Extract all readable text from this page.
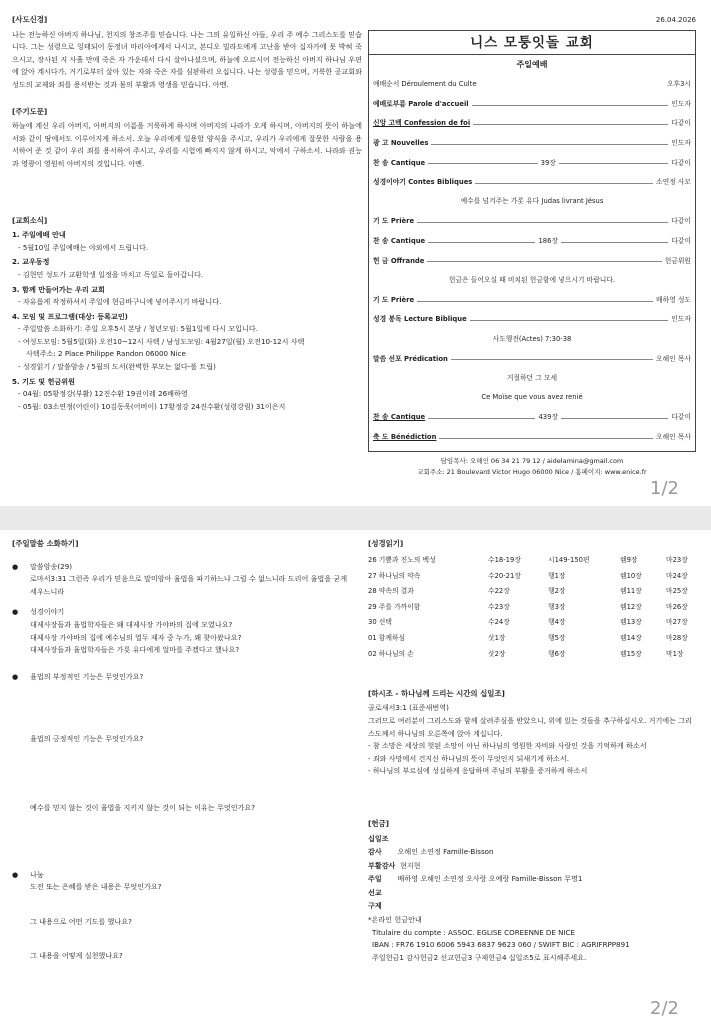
[사도신경]
나는 전능하신 아버지 하나님, 천지의 창조주를 믿습니다. 나는 그의 유일하신 아들, 우리 주 예수 그리스도를 믿습니다. 그는 성령으로 잉태되어 동정녀 마리아에게서 나시고, 본디오 빌라도에게 고난을 받아 십자가에 못 박혀 죽으시고, 장사된 지 사흘 만에 죽은 자 가운데서 다시 살아나셨으며, 하늘에 오르시어 전능하신 아버지 하나님 우편에 앉아 계시다가, 거기로부터 살아 있는 자와 죽은 자를 심판하러 오십니다. 나는 성령을 믿으며, 거룩한 공교회와 성도의 교제와 죄를 용서받는 것과 몸의 부활과 영생을 믿습니다. 아멘.
[주기도문]
하늘에 계신 우리 아버지, 아버지의 이름을 거룩하게 하시며 아버지의 나라가 오게 하시며, 아버지의 뜻이 하늘에서와 같이 땅에서도 이루어지게 하소서. 오늘 우리에게 일용할 양식을 주시고, 우리가 우리에게 잘못한 사람을 용서하여 준 것 같이 우리 죄를 용서하여 주시고, 우리를 시험에 빠지지 않게 하시고, 악에서 구하소서. 나라와 권능과 영광이 영원히 아버지의 것입니다. 아멘.
[교회소식]
1. 주일예배 안내
- 5월10일 주일예배는 야외에서 드립니다.
2. 교우동정
- 김현민 성도가 교환학생 일정을 마치고 독일로 돌아갑니다.
3. 함께 만들어가는 우리 교회
- 자유롭게 작정하셔서 주일에 현금바구니에 넣어주시기 바랍니다.
4. 모임 및 프로그램(대상: 등록교인)
- 주일말씀 소화하기: 주일 오후5시 본당 / 청년모임: 5월1일에 다시 모입니다.
- 여성도모임: 5월5일(화) 오전10~12시 사택 / 남성도모임: 4월27일(월) 오전10-12시 사택
사택주소: 2 Place Philippe Randon 06000 Nice
- 성경읽기 / 말씀암송 / 5월의 도서(완벽한 부모는 없다-폴 트립)
5. 기도 및 헌금위원
- 04월: 05황정강(부활) 12진수환 19권이레 26배하영
- 05월: 03소연정(어린이) 10김동욱(어버이) 17황정강 24진수환(성령강림) 31이은지
26.04.2026
니스 모퉁잇돌 교회
주일예배
예배순서 Déroulement du Culte	오후3시
예배로부름 Parole d'accueil	인도자
신앙 고백 Confession de foi	다같이
광 고 Nouvelles	인도자
찬 송 Cantique	39장	다같이
성경이야기 Contes Bibliques	소연정 사모
예수를 넘겨주는 가롯 유다 Judas livrant Jésus
기 도 Prière	다같이
찬 송 Cantique	186장	다같이
헌 금 Offrande	헌금위원
헌금은 들어오실 때 비치된 헌금함에 넣으시기 바랍니다.
기 도 Prière	배하영 성도
성경 봉독 Lecture Biblique	인도자
사도행전(Actes) 7:30-38
말씀 선포 Prédication	오해인 목사
거절하던 그 모세
Ce Moïse que vous avez renié
찬 송 Cantique	439장	다같이
축 도 Bénédiction	오해인 목사
담임목사: 오해인 06 34 21 79 12 / aidelamina@gmail.com
교회주소: 21 Boulevard Victor Hugo 06000 Nice / 홈페이지: www.enice.fr
1/2
[주일말씀 소화하기]
●	말씀암송(29)
로마서3:31 그런즉 우리가 믿음으로 말미암아 율법을 파기하느냐 그럴 수 없느니라 도리어 율법을 굳게 세우느니라
●	성경이야기
대제사장들과 율법학자들은 왜 대제사장 가야바의 집에 모였나요?
대제사장 가야바의 집에 예수님의 열두 제자 중 누가, 왜 찾아왔나요?
대제사장들과 율법학자들은 가룟 유다에게 얼마를 주겠다고 했나요?
●	율법의 부정적인 기능은 무엇인가요?
율법의 긍정적인 기능은 무엇인가요?
예수를 믿지 않는 것이 율법을 지키지 않는 것이 되는 이유는 무엇인가요?
●	나눔
도전 또는 은혜를 받은 내용은 무엇인가요?
그 내용으로 어떤 기도를 했나요?
그 내용을 어떻게 실천했나요?
[성경읽기]
26 기쁨과 진노의 백성	수18-19장	시149-150편	렘9장	마23장
27 하나님의 약속	수20-21장	행1장	렘10장	마24장
28 약속의 결과	수22장	행2장	렘11장	마25장
29 주를 가까이함	수23장	행3장	렘12장	마26장
30 선택	수24장	행4장	렘13장	마27장
01 함께하심	삿1장	행5장	렘14장	마28장
02 하나님의 손	삿2장	행6장	렘15장	막1장
[하시조 - 하나님께 드리는 시간의 십일조]
골로새서3:1 (표준새번역)
그러므로 여러분이 그리스도와 함께 살려주심을 받았으니, 위에 있는 것들을 추구하십시오. 거기에는 그리스도께서 하나님의 오른쪽에 앉아 계십니다.
- 참 소망은 세상의 헛된 소망이 아닌 하나님의 영원한 자비와 사랑인 것을 기억하게 하소서
- 죄와 사망에서 건지신 하나님의 뜻이 무엇인지 되새기게 하소서.
- 하나님의 부르심에 성실하게 응답하며 주님의 부활을 증거하게 하소서
[헌금]
십일조
감사 오해인 소연정 Famille-Bisson
부활감사 현지현
주일 배하영 오해인 소연정 오사랑 오예랑 Famille-Bisson 무명1
선교
구제
*온라인 헌금안내
Titulaire du compte : ASSOC. EGLISE COREENNE DE NICE
IBAN : FR76 1910 6006 5943 6837 9623 060 / SWIFT BIC : AGRIFRPP891
주일헌금1 감사헌금2 선교헌금3 구제헌금4 십일조5로 표시해주세요.
2/2
